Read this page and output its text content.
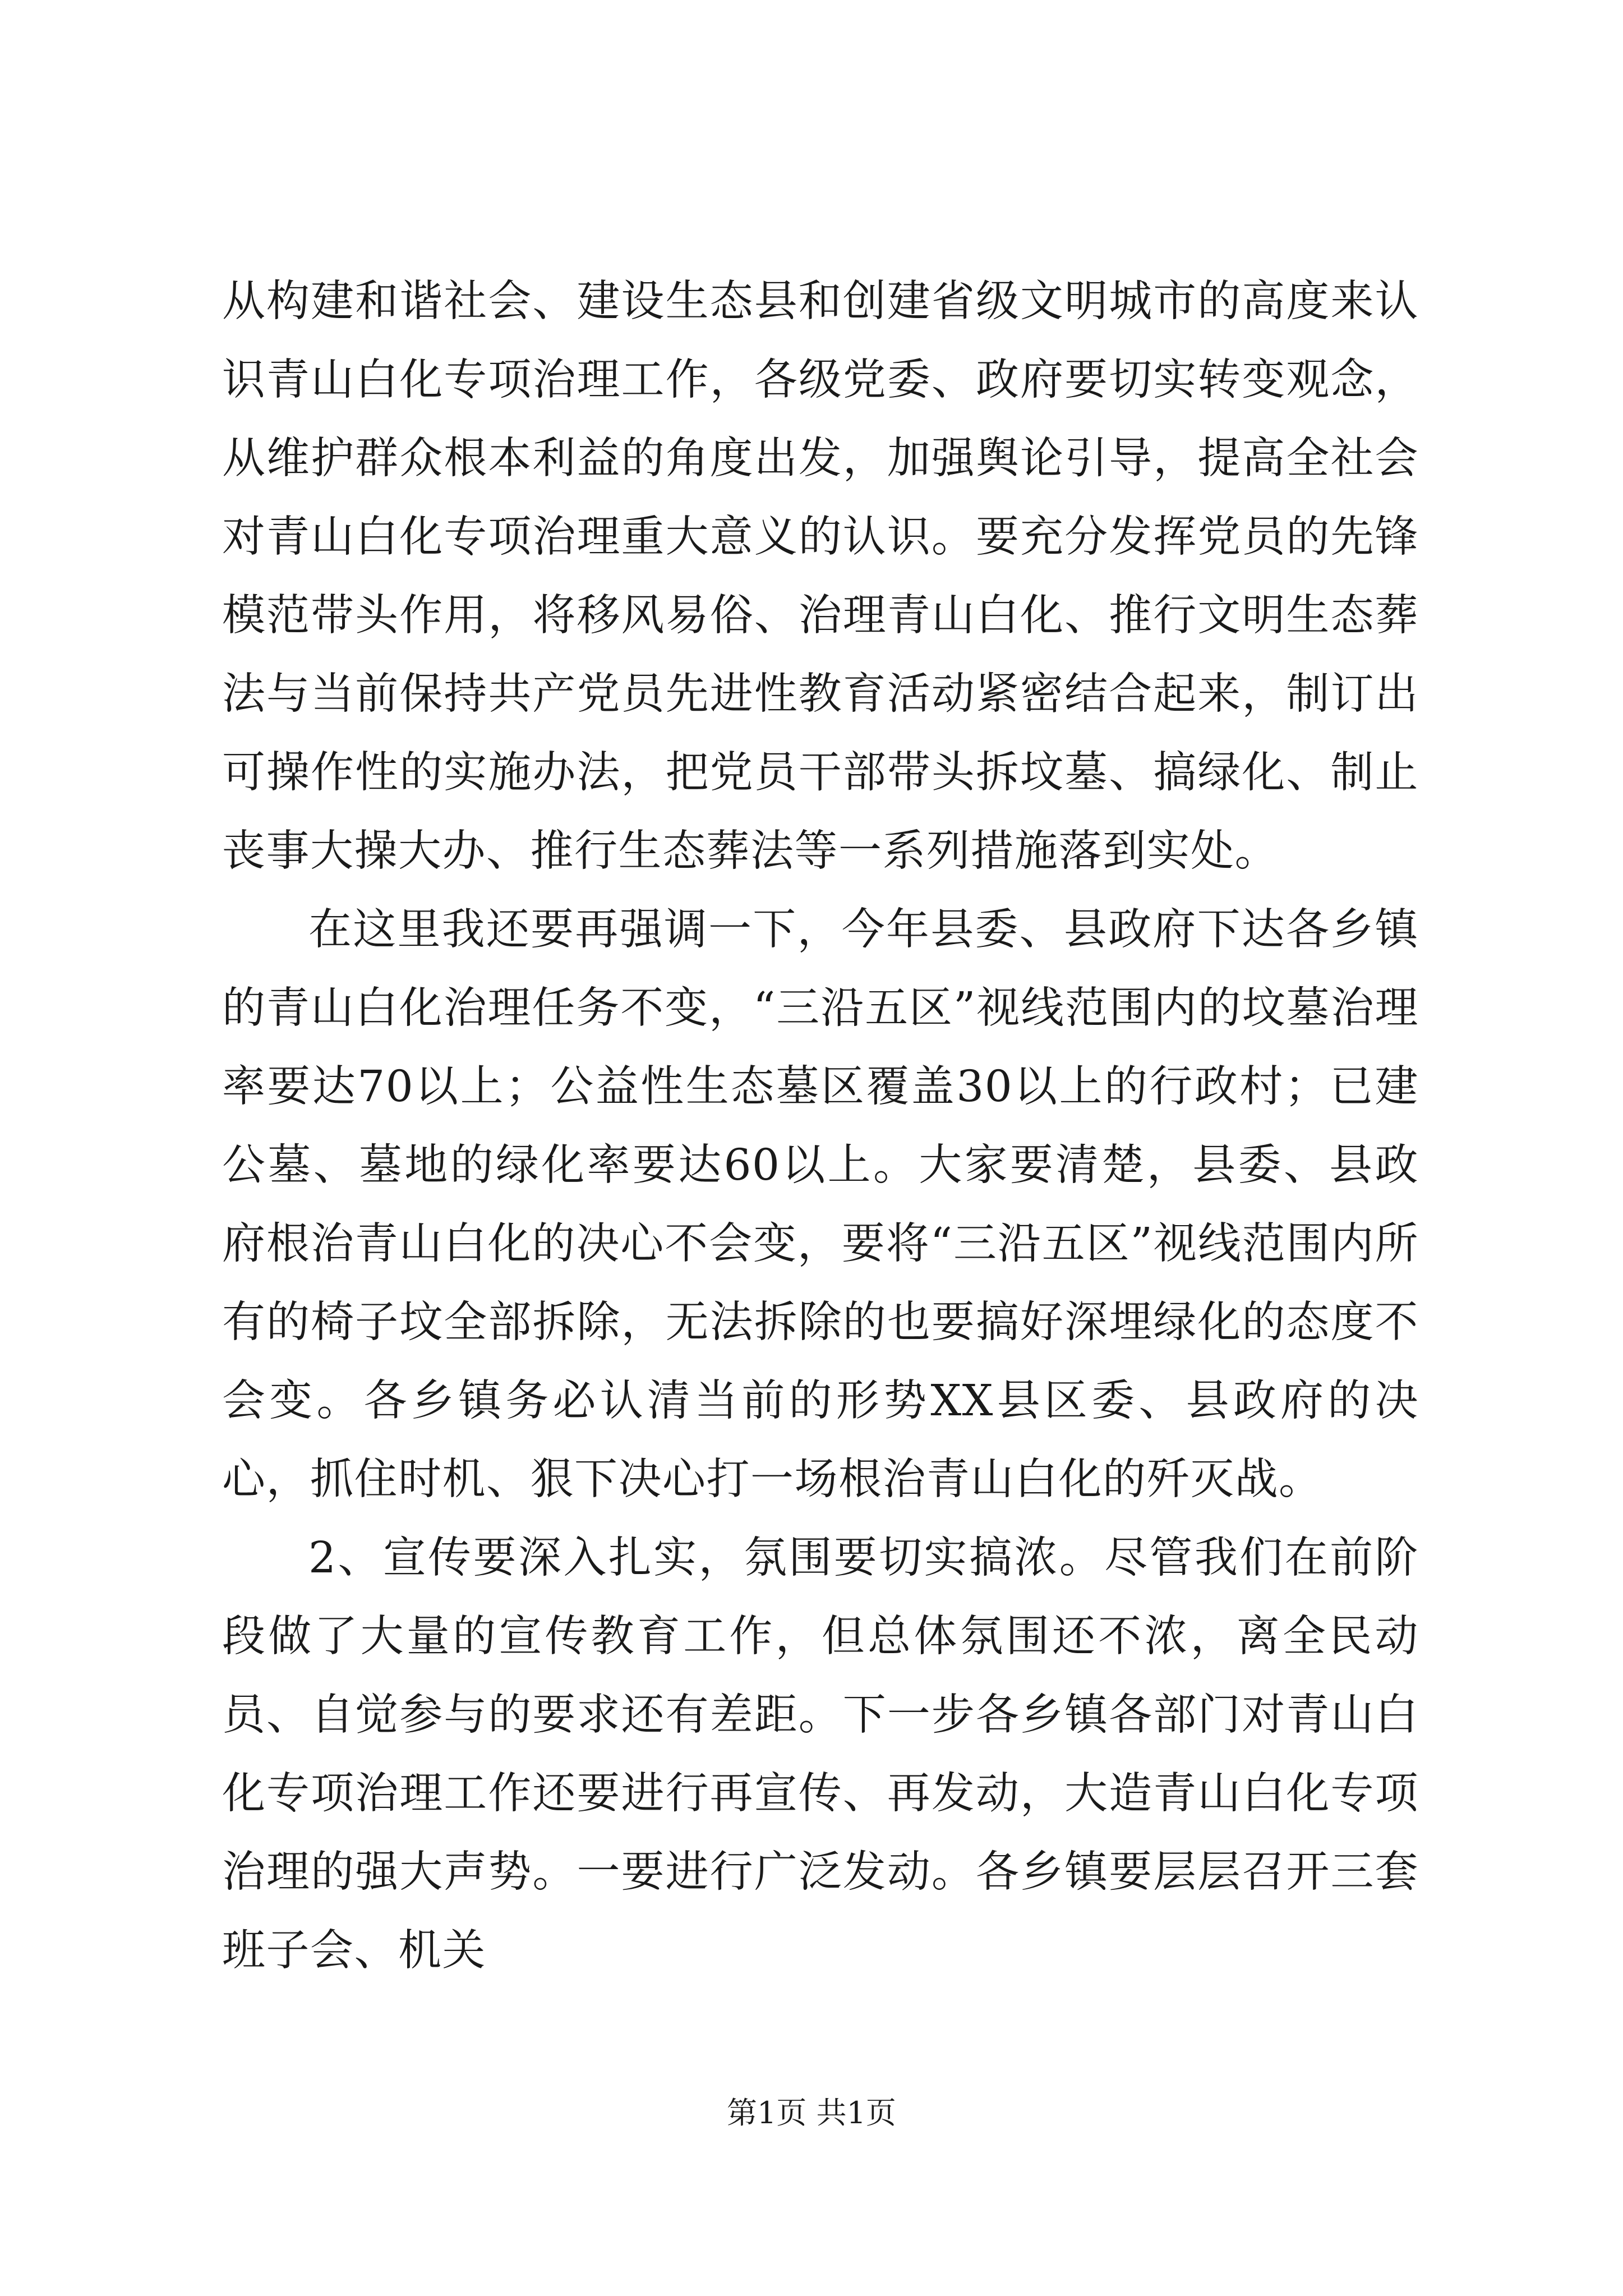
从构建和谐社会、建设生态县和创建省级文明城市的高度来认识青山白化专项治理工作，各级党委、政府要切实转变观念，从维护群众根本利益的角度出发，加强舆论引导，提高全社会对青山白化专项治理重大意义的认识。要充分发挥党员的先锋模范带头作用，将移风易俗、治理青山白化、推行文明生态葬法与当前保持共产党员先进性教育活动紧密结合起来，制订出可操作性的实施办法，把党员干部带头拆坟墓、搞绿化、制止丧事大操大办、推行生态葬法等一系列措施落到实处。

在这里我还要再强调一下，今年县委、县政府下达各乡镇的青山白化治理任务不变，“三沿五区”视线范围内的坟墓治理率要达70以上；公益性生态墓区覆盖30以上的行政村；已建公墓、墓地的绿化率要达60以上。大家要清楚，县委、县政府根治青山白化的决心不会变，要将“三沿五区”视线范围内所有的椅子坟全部拆除，无法拆除的也要搞好深埋绿化的态度不会变。各乡镇务必认清当前的形势XX县区委、县政府的决心，抓住时机、狠下决心打一场根治青山白化的歼灭战。

2、宣传要深入扎实，氛围要切实搞浓。尽管我们在前阶段做了大量的宣传教育工作，但总体氛围还不浓，离全民动员、自觉参与的要求还有差距。下一步各乡镇各部门对青山白化专项治理工作还要进行再宣传、再发动，大造青山白化专项治理的强大声势。一要进行广泛发动。各乡镇要层层召开三套班子会、机关

第1页 共1页
